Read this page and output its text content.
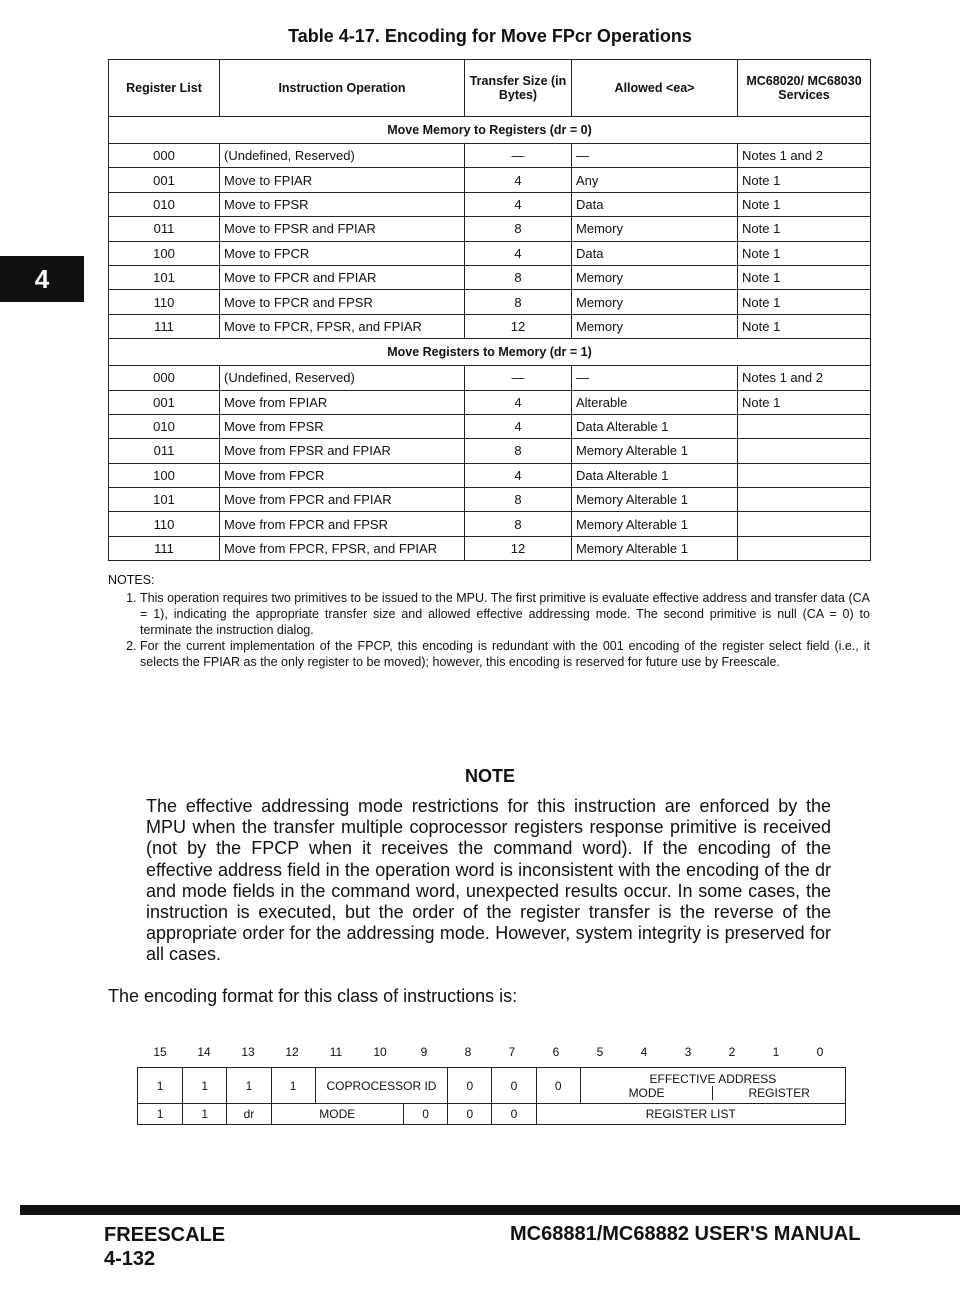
Table 4-17. Encoding for Move FPcr Operations
4
Register List	Instruction Operation	Transfer Size (in Bytes)	Allowed <ea>	MC68020/ MC68030 Services
Move Memory to Registers (dr = 0)				
000	(Undefined, Reserved)	—	—	Notes 1 and 2
001	Move to FPIAR	4	Any	Note 1
010	Move to FPSR	4	Data	Note 1
011	Move to FPSR and FPIAR	8	Memory	Note 1
100	Move to FPCR	4	Data	Note 1
101	Move to FPCR and FPIAR	8	Memory	Note 1
110	Move to FPCR and FPSR	8	Memory	Note 1
111	Move to FPCR, FPSR, and FPIAR	12	Memory	Note 1
Move Registers to Memory (dr = 1)				
000	(Undefined, Reserved)	—	—	Notes 1 and 2
001	Move from FPIAR	4	Alterable	Note 1
010	Move from FPSR	4	Data Alterable 1	
011	Move from FPSR and FPIAR	8	Memory Alterable 1	
100	Move from FPCR	4	Data Alterable 1	
101	Move from FPCR and FPIAR	8	Memory Alterable 1	
110	Move from FPCR and FPSR	8	Memory Alterable 1	
111	Move from FPCR, FPSR, and FPIAR	12	Memory Alterable 1	
NOTES:
1. This operation requires two primitives to be issued to the MPU. The first primitive is evaluate effective address and transfer data (CA = 1), indicating the appropriate transfer size and allowed effective addressing mode. The second primitive is null (CA = 0) to terminate the instruction dialog.
2. For the current implementation of the FPCP, this encoding is redundant with the 001 encoding of the register select field (i.e., it selects the FPIAR as the only register to be moved); however, this encoding is reserved for future use by Freescale.
NOTE
The effective addressing mode restrictions for this instruction are enforced by the MPU when the transfer multiple coprocessor registers response primitive is received (not by the FPCP when it receives the command word). If the encoding of the effective address field in the operation word is inconsistent with the encoding of the dr and mode fields in the command word, unexpected results occur. In some cases, the instruction is executed, but the order of the register transfer is the reverse of the appropriate order for the addressing mode. However, system integrity is preserved for all cases.
The encoding format for this class of instructions is:
15	14	13	12	11	10	9	8	7	6	5	4	3	2	1	0
1	1	1	1	COPROCESSOR ID		0	0	0	EFFECTIVE ADDRESS
MODE REGISTER

1	1	dr	MODE		0	0	0	REGISTER LIST	
FREESCALE
4-132
MC68881/MC68882 USER'S MANUAL
